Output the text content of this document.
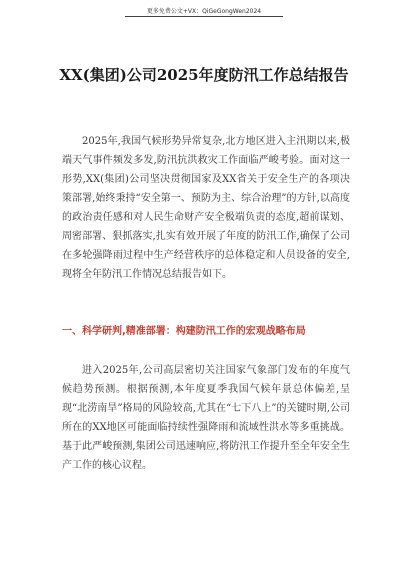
更多免费公文+VX：QiGeGongWen2024
XX(集团)公司2025年度防汛工作总结报告

2025年,我国气候形势异常复杂,北方地区进入主汛期以来,极端天气事件频发多发,防汛抗洪救灾工作面临严峻考验。面对这一形势,XX(集团)公司坚决贯彻国家及XX省关于安全生产的各项决策部署,始终秉持“安全第一、预防为主、综合治理”的方针,以高度的政治责任感和对人民生命财产安全极端负责的态度,超前谋划、周密部署、狠抓落实,扎实有效开展了年度的防汛工作,确保了公司在多轮强降雨过程中生产经营秩序的总体稳定和人员设备的安全,现将全年防汛工作情况总结报告如下。

一、科学研判,精准部署：构建防汛工作的宏观战略布局

进入2025年,公司高层密切关注国家气象部门发布的年度气候趋势预测。根据预测,本年度夏季我国气候年景总体偏差,呈现“北涝南旱”格局的风险较高,尤其在“七下八上”的关键时期,公司所在的XX地区可能面临持续性强降雨和流域性洪水等多重挑战。基于此严峻预测,集团公司迅速响应,将防汛工作提升至全年安全生产工作的核心议程。
